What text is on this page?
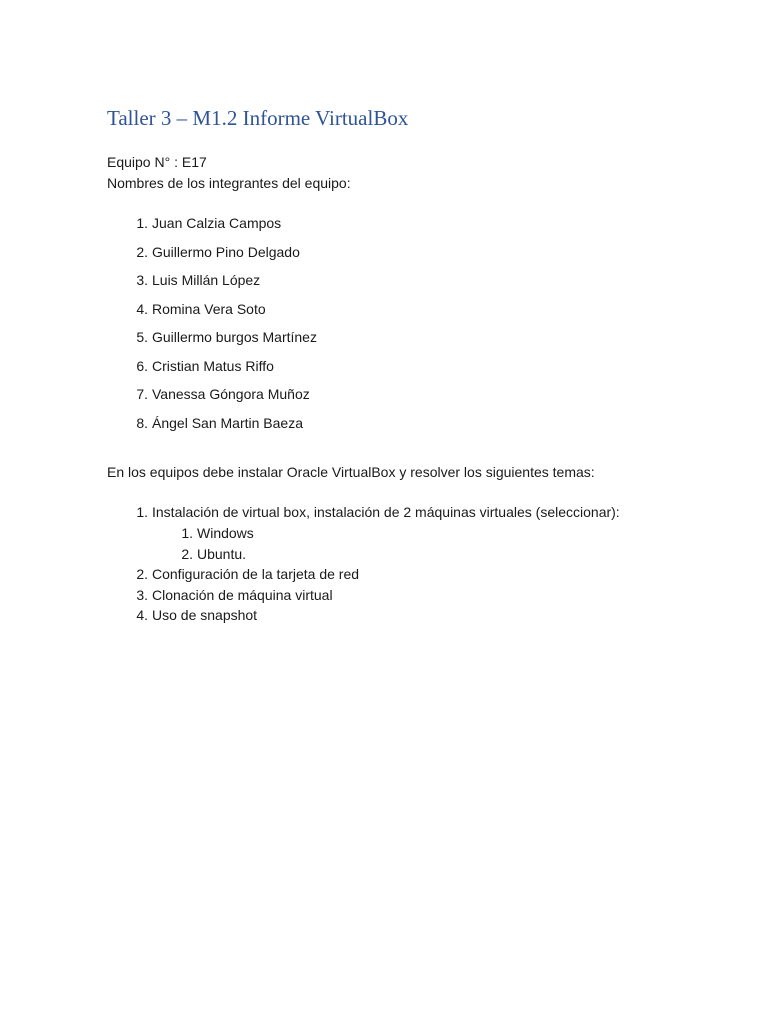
Taller 3 – M1.2 Informe VirtualBox
Equipo N° : E17
Nombres de los integrantes del equipo:
1. Juan Calzia Campos
2. Guillermo Pino Delgado
3. Luis Millán López
4. Romina Vera Soto
5. Guillermo burgos Martínez
6. Cristian Matus Riffo
7. Vanessa Góngora Muñoz
8. Ángel San Martin Baeza
En los equipos debe instalar Oracle VirtualBox y resolver los siguientes temas:
1. Instalación de virtual box, instalación de 2 máquinas virtuales (seleccionar):
1. Windows
2. Ubuntu.
2. Configuración de la tarjeta de red
3. Clonación de máquina virtual
4. Uso de snapshot
